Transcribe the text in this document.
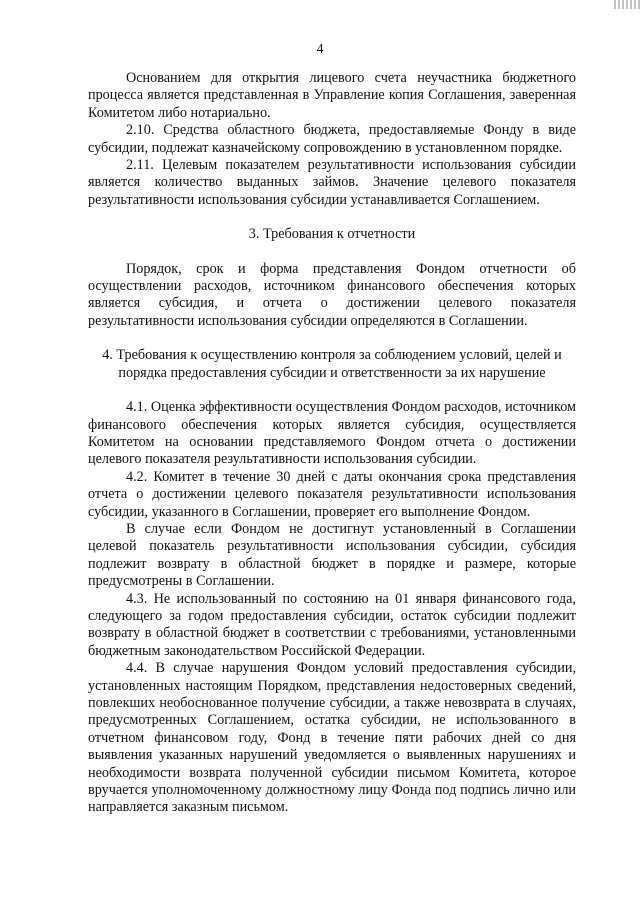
4

Основанием для открытия лицевого счета неучастника бюджетного процесса является представленная в Управление копия Соглашения, заверенная Комитетом либо нотариально.

2.10. Средства областного бюджета, предоставляемые Фонду в виде субсидии, подлежат казначейскому сопровождению в установленном порядке.

2.11. Целевым показателем результативности использования субсидии является количество выданных займов. Значение целевого показателя результативности использования субсидии устанавливается Соглашением.

3. Требования к отчетности

Порядок, срок и форма представления Фондом отчетности об осуществлении расходов, источником финансового обеспечения которых является субсидия, и отчета о достижении целевого показателя результативности использования субсидии определяются в Соглашении.

4. Требования к осуществлению контроля за соблюдением условий, целей и порядка предоставления субсидии и ответственности за их нарушение

4.1. Оценка эффективности осуществления Фондом расходов, источником финансового обеспечения которых является субсидия, осуществляется Комитетом на основании представляемого Фондом отчета о достижении целевого показателя результативности использования субсидии.

4.2. Комитет в течение 30 дней с даты окончания срока представления отчета о достижении целевого показателя результативности использования субсидии, указанного в Соглашении, проверяет его выполнение Фондом.

В случае если Фондом не достигнут установленный в Соглашении целевой показатель результативности использования субсидии, субсидия подлежит возврату в областной бюджет в порядке и размере, которые предусмотрены в Соглашении.

4.3. Не использованный по состоянию на 01 января финансового года, следующего за годом предоставления субсидии, остаток субсидии подлежит возврату в областной бюджет в соответствии с требованиями, установленными бюджетным законодательством Российской Федерации.

4.4. В случае нарушения Фондом условий предоставления субсидии, установленных настоящим Порядком, представления недостоверных сведений, повлекших необоснованное получение субсидии, а также невозврата в случаях, предусмотренных Соглашением, остатка субсидии, не использованного в отчетном финансовом году, Фонд в течение пяти рабочих дней со дня выявления указанных нарушений уведомляется о выявленных нарушениях и необходимости возврата полученной субсидии письмом Комитета, которое вручается уполномоченному должностному лицу Фонда под подпись лично или направляется заказным письмом.
